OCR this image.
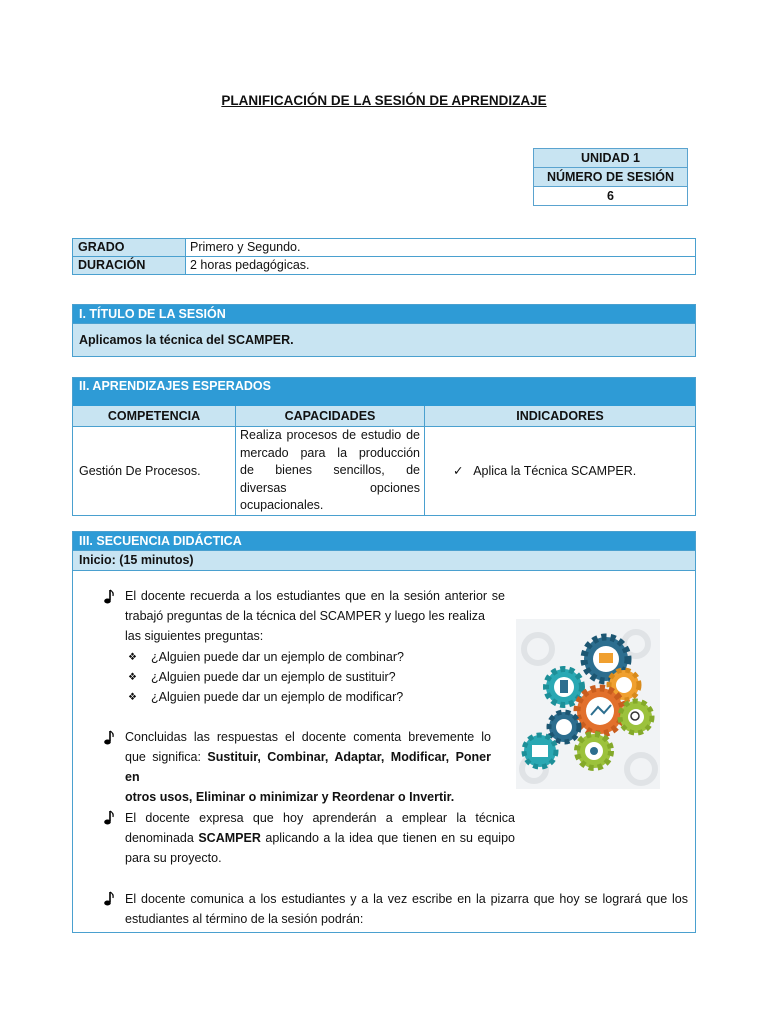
PLANIFICACIÓN DE LA SESIÓN DE APRENDIZAJE
UNIDAD 1
NÚMERO DE SESIÓN
6
GRADO	Primero y Segundo.
DURACIÓN	2 horas pedagógicas.
I. TÍTULO DE LA SESIÓN
Aplicamos la técnica del SCAMPER.
II. APRENDIZAJES ESPERADOS
COMPETENCIA	CAPACIDADES	INDICADORES
Gestión De Procesos.	Realiza procesos de estudio de
mercado para la producción
de bienes sencillos, de
diversas opciones
ocupacionales.	✓ Aplica la Técnica SCAMPER.
III. SECUENCIA DIDÁCTICA
Inicio: (15 minutos)
El docente recuerda a los estudiantes que en la sesión anterior se
trabajó preguntas de la técnica del SCAMPER y luego les realiza
las siguientes preguntas:
❖
❖
❖
¿Alguien puede dar un ejemplo de combinar?
¿Alguien puede dar un ejemplo de sustituir?
¿Alguien puede dar un ejemplo de modificar?
Concluidas las respuestas el docente comenta brevemente lo
que significa: Sustituir, Combinar, Adaptar, Modificar, Poner en
otros usos, Eliminar o minimizar y Reordenar o Invertir.
El docente expresa que hoy aprenderán a emplear la técnica
denominada SCAMPER aplicando a la idea que tienen en su equipo
para su proyecto.
El docente comunica a los estudiantes y a la vez escribe en la pizarra que hoy se logrará que los
estudiantes al término de la sesión podrán:
